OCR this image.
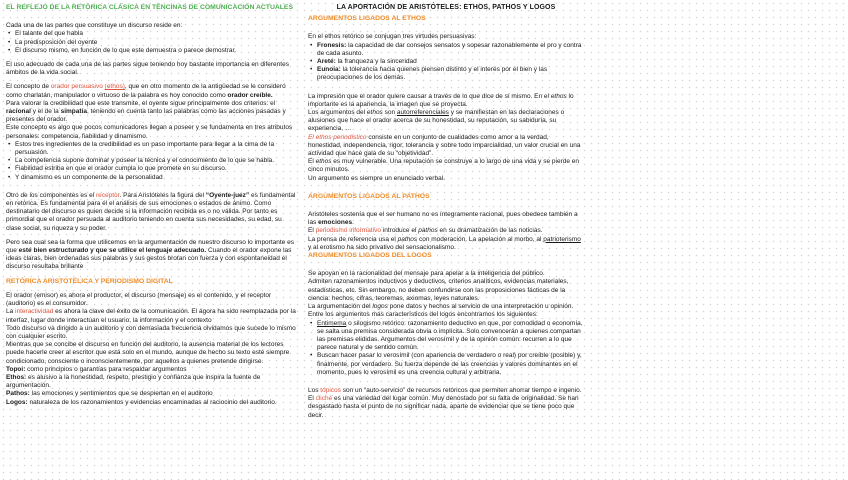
EL REFLEJO DE LA RETÓRICA CLÁSICA EN TÉNCINAS DE COMUNICACIÓN ACTUALES

Cada una de las partes que constituye un discurso reside en:

• El talante del que habla
• La predisposición del oyente
• El discurso mismo, en función de lo que este demuestra o parece demostrar.

El uso adecuado de cada una de las partes sigue teniendo hoy bastante importancia en diferentes ámbitos de la vida social.

El concepto de orador persuasivo (ethos), que en otro momento de la antigüedad se le consideró como charlatán, manipulador o virtuoso de la palabra es hoy conocido como orador creíble.

Para valorar la credibilidad que este transmite, el oyente sigue principalmente dos criterios: el racional y el de la simpatía, teniendo en cuenta tanto las palabras como las acciones pasadas y presentes del orador.

Este concepto es algo que pocos comunicadores llegan a poseer y se fundamenta en tres atributos personales: competencia, fiabilidad y dinamismo.

• Estos tres ingredientes de la credibilidad es un paso importante para llegar a la cima de la persuasión.
• La competencia supone dominar y poseer la técnica y el conocimiento de lo que se habla.
• Fiabilidad estriba en que el orador cumpla lo que promete en su discurso.
• Y dinamismo es un componente de la personalidad

Otro de los componentes es el receptor. Para Aristóteles la figura del “Oyente-juez” es fundamental en retórica. Es fundamental para él el análisis de sus emociones o estados de ánimo. Como destinatario del discurso es quien decide si la información recibida es o no válida. Por tanto es primordial que el orador persuada al auditorio teniendo en cuenta sus necesidades, su edad, su clase social, su riqueza y su poder.

Pero sea cual sea la forma que utilicemos en la argumentación de nuestro discurso lo importante es que esté bien estructurado y que se utilice el lenguaje adecuado. Cuando el orador expone las ideas claras, bien ordenadas sus palabras y sus gestos brotan con fuerza y con espontaneidad el discurso resultaba brillante

RETÓRICA ARISTOTÉLICA Y PERIODISMO DIGITAL

El orador (emisor) es ahora el productor, el discurso (mensaje) es el contenido, y el receptor (auditorio) es el consumidor.

La interactividad es ahora la clave del éxito de la comunicación. El ágora ha sido reemplazada por la interfaz, lugar donde interactúan el usuario, la información y el contexto

Todo discurso va dirigido a un auditorio y con demasiada frecuencia olvidamos que sucede lo mismo con cualquier escrito.

Mientras que se concibe el discurso en función del auditorio, la ausencia material de los lectores puede hacerle creer al escritor que está solo en el mundo, aunque de hecho su texto esté siempre condicionado, consciente o inconscientemente, por aquellos a quienes pretende dirigirse.

Topoi: como principios o garantías para respaldar argumentos

Ethos: es alusivo a la honestidad, respeto, prestigio y confianza que inspira la fuente de argumentación.

Pathos: las emociones y sentimientos que se despiertan en el auditorio

Logos: naturaleza de los razonamientos y evidencias encaminadas al raciocinio del auditorio.

LA APORTACIÓN DE ARISTÓTELES: ETHOS, PATHOS Y LOGOS

ARGUMENTOS LIGADOS AL ETHOS

En el ethos retórico se conjugan tres virtudes persuasivas:

• Fronesis: la capacidad de dar consejos sensatos y sopesar razonablemente el pro y contra de cada asunto.
• Areté: la franqueza y la sinceridad
• Eunoia: la tolerancia hacia quienes piensen distinto y el interés por el bien y las preocupaciones de los demás.

La impresión que el orador quiere causar a través de lo que dice de sí mismo. En el ethos lo importante es la apariencia, la imagen que se proyecta.

Los argumentos del ethos son autorreferenciales y se manifiestan en las declaraciones o alusiones que hace el orador acerca de su honestidad, su reputación, su sabiduría, su experiencia, …

El ethos periodístico consiste en un conjunto de cualidades como amor a la verdad, honestidad, independencia, rigor, tolerancia y sobre todo imparcialidad, un valor crucial en una actividad que hace gala de su “objetividad”.

El ethos es muy vulnerable. Una reputación se construye a lo largo de una vida y se pierde en cinco minutos.

Un argumento es siempre un enunciado verbal.

ARGUMENTOS LIGADOS AL PATHOS

Aristóteles sostenía que el ser humano no es íntegramente racional, pues obedece también a las emociones.

El periodismo informativo introduce el pathos en su dramatización de las noticias.

La prensa de referencia usa el pathos con moderación. La apelación al morbo, al patrioterismo y al erotismo ha sido privativo del sensacionalismo.

ARGUMENTOS LIGADOS DEL LOGOS

Se apoyan en la racionalidad del mensaje para apelar a la inteligencia del público.

Admiten razonamientos inductivos y deductivos, criterios analíticos, evidencias materiales, estadísticas, etc. Sin embargo, no deben confundirse con las proposiciones fácticas de la ciencia: hechos, cifras, teoremas, axiomas, leyes naturales.

La argumentación del logos pone datos y hechos al servicio de una interpretación u opinión.

Entre los argumentos más característicos del logos encontramos los siguientes:

• Entimema o silogismo retórico: razonamiento deductivo en que, por comodidad o economía, se salta una premisa considerada obvia o implícita. Solo convencerán a quienes compartan las premisas elididas. Argumentos del verosímil y de la opinión común: recurren a lo que parece natural y de sentido común.
• Buscan hacer pasar lo verosímil (con apariencia de verdadero o real) por creíble (posible) y, finalmente, por verdadero. Su fuerza depende de las creencias y valores dominantes en el momento, pues lo verosímil es una creencia cultural y arbitraria.

Los tópicos son un “auto-servicio” de recursos retóricos que permiten ahorrar tiempo e ingenio.

El cliché es una variedad del lugar común. Muy denostado por su falta de originalidad. Se han desgastado hasta el punto de no significar nada, aparte de evidenciar que se tiene poco que decir.
